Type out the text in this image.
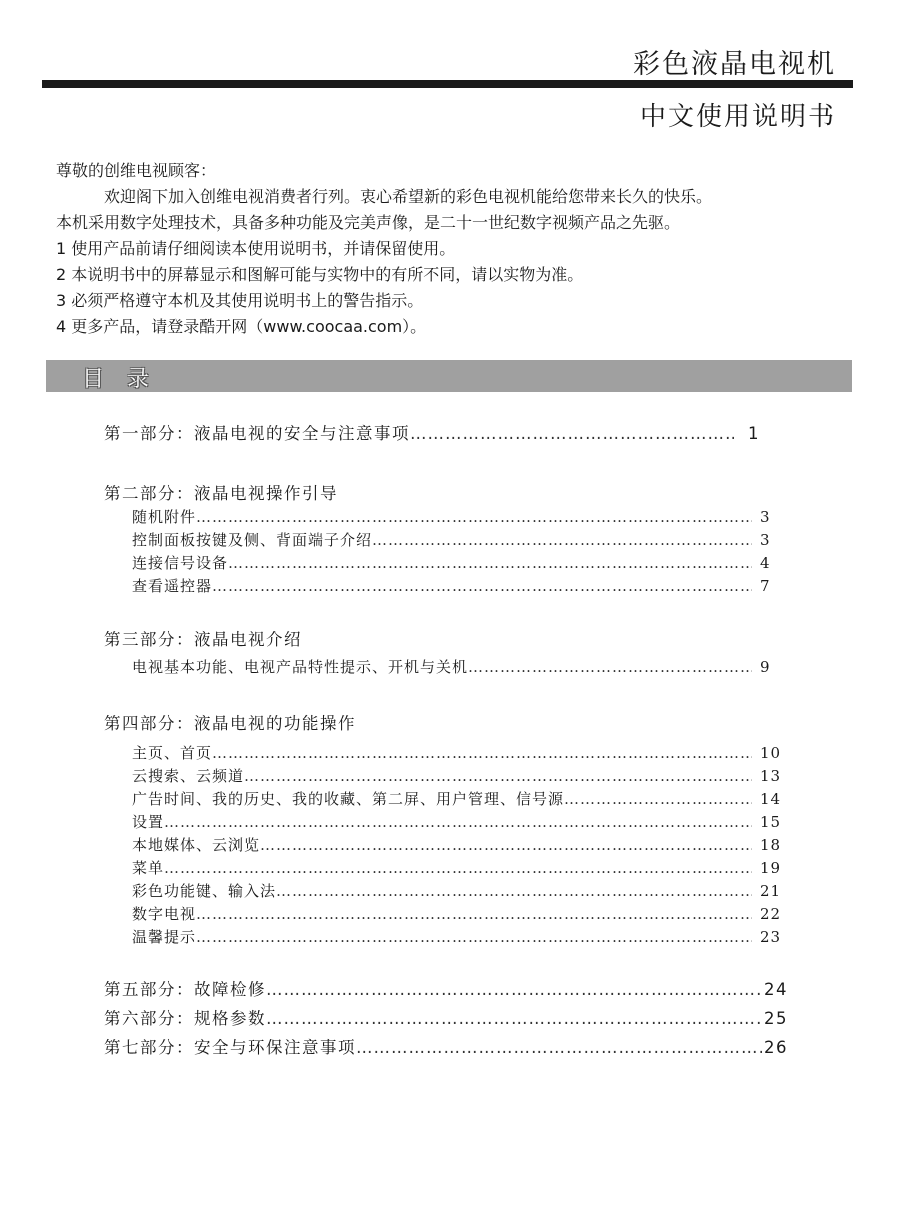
彩色液晶电视机
中文使用说明书
尊敬的创维电视顾客：
欢迎阁下加入创维电视消费者行列。衷心希望新的彩色电视机能给您带来长久的快乐。
本机采用数字处理技术，具备多种功能及完美声像，是二十一世纪数字视频产品之先驱。
1 使用产品前请仔细阅读本使用说明书，并请保留使用。
2 本说明书中的屏幕显示和图解可能与实物中的有所不同，请以实物为准。
3 必须严格遵守本机及其使用说明书上的警告指示。
4 更多产品，请登录酷开网（www.coocaa.com）。
目 录
第一部分：液晶电视的安全与注意事项 …………………………………………………………………………………………………………………………………………………………………………………………………	1
第二部分：液晶电视操作引导
随机附件 …………………………………………………………………………………………………………………………………………………………………………………………………	3
控制面板按键及侧、背面端子介绍 …………………………………………………………………………………………………………………………………………………………………………………………………	3
连接信号设备 …………………………………………………………………………………………………………………………………………………………………………………………………	4
查看遥控器 …………………………………………………………………………………………………………………………………………………………………………………………………	7
第三部分：液晶电视介绍
电视基本功能、电视产品特性提示、开机与关机 …………………………………………………………………………………………………………………………………………………………………………………………………	9
第四部分：液晶电视的功能操作
主页、首页 …………………………………………………………………………………………………………………………………………………………………………………………………	10
云搜索、云频道 …………………………………………………………………………………………………………………………………………………………………………………………………	13
广告时间、我的历史、我的收藏、第二屏、用户管理、信号源 …………………………………………………………………………………………………………………………………………………………………………………………………	14
设置 …………………………………………………………………………………………………………………………………………………………………………………………………	15
本地媒体、云浏览 …………………………………………………………………………………………………………………………………………………………………………………………………	18
菜单 …………………………………………………………………………………………………………………………………………………………………………………………………	19
彩色功能键、输入法 …………………………………………………………………………………………………………………………………………………………………………………………………	21
数字电视 …………………………………………………………………………………………………………………………………………………………………………………………………	22
温馨提示 …………………………………………………………………………………………………………………………………………………………………………………………………	23
第五部分：故障检修 …………………………………………………………………………………………………………………………………………………………………………………………………	24
第六部分：规格参数 …………………………………………………………………………………………………………………………………………………………………………………………………	25
第七部分：安全与环保注意事项 …………………………………………………………………………………………………………………………………………………………………………………………………	26
